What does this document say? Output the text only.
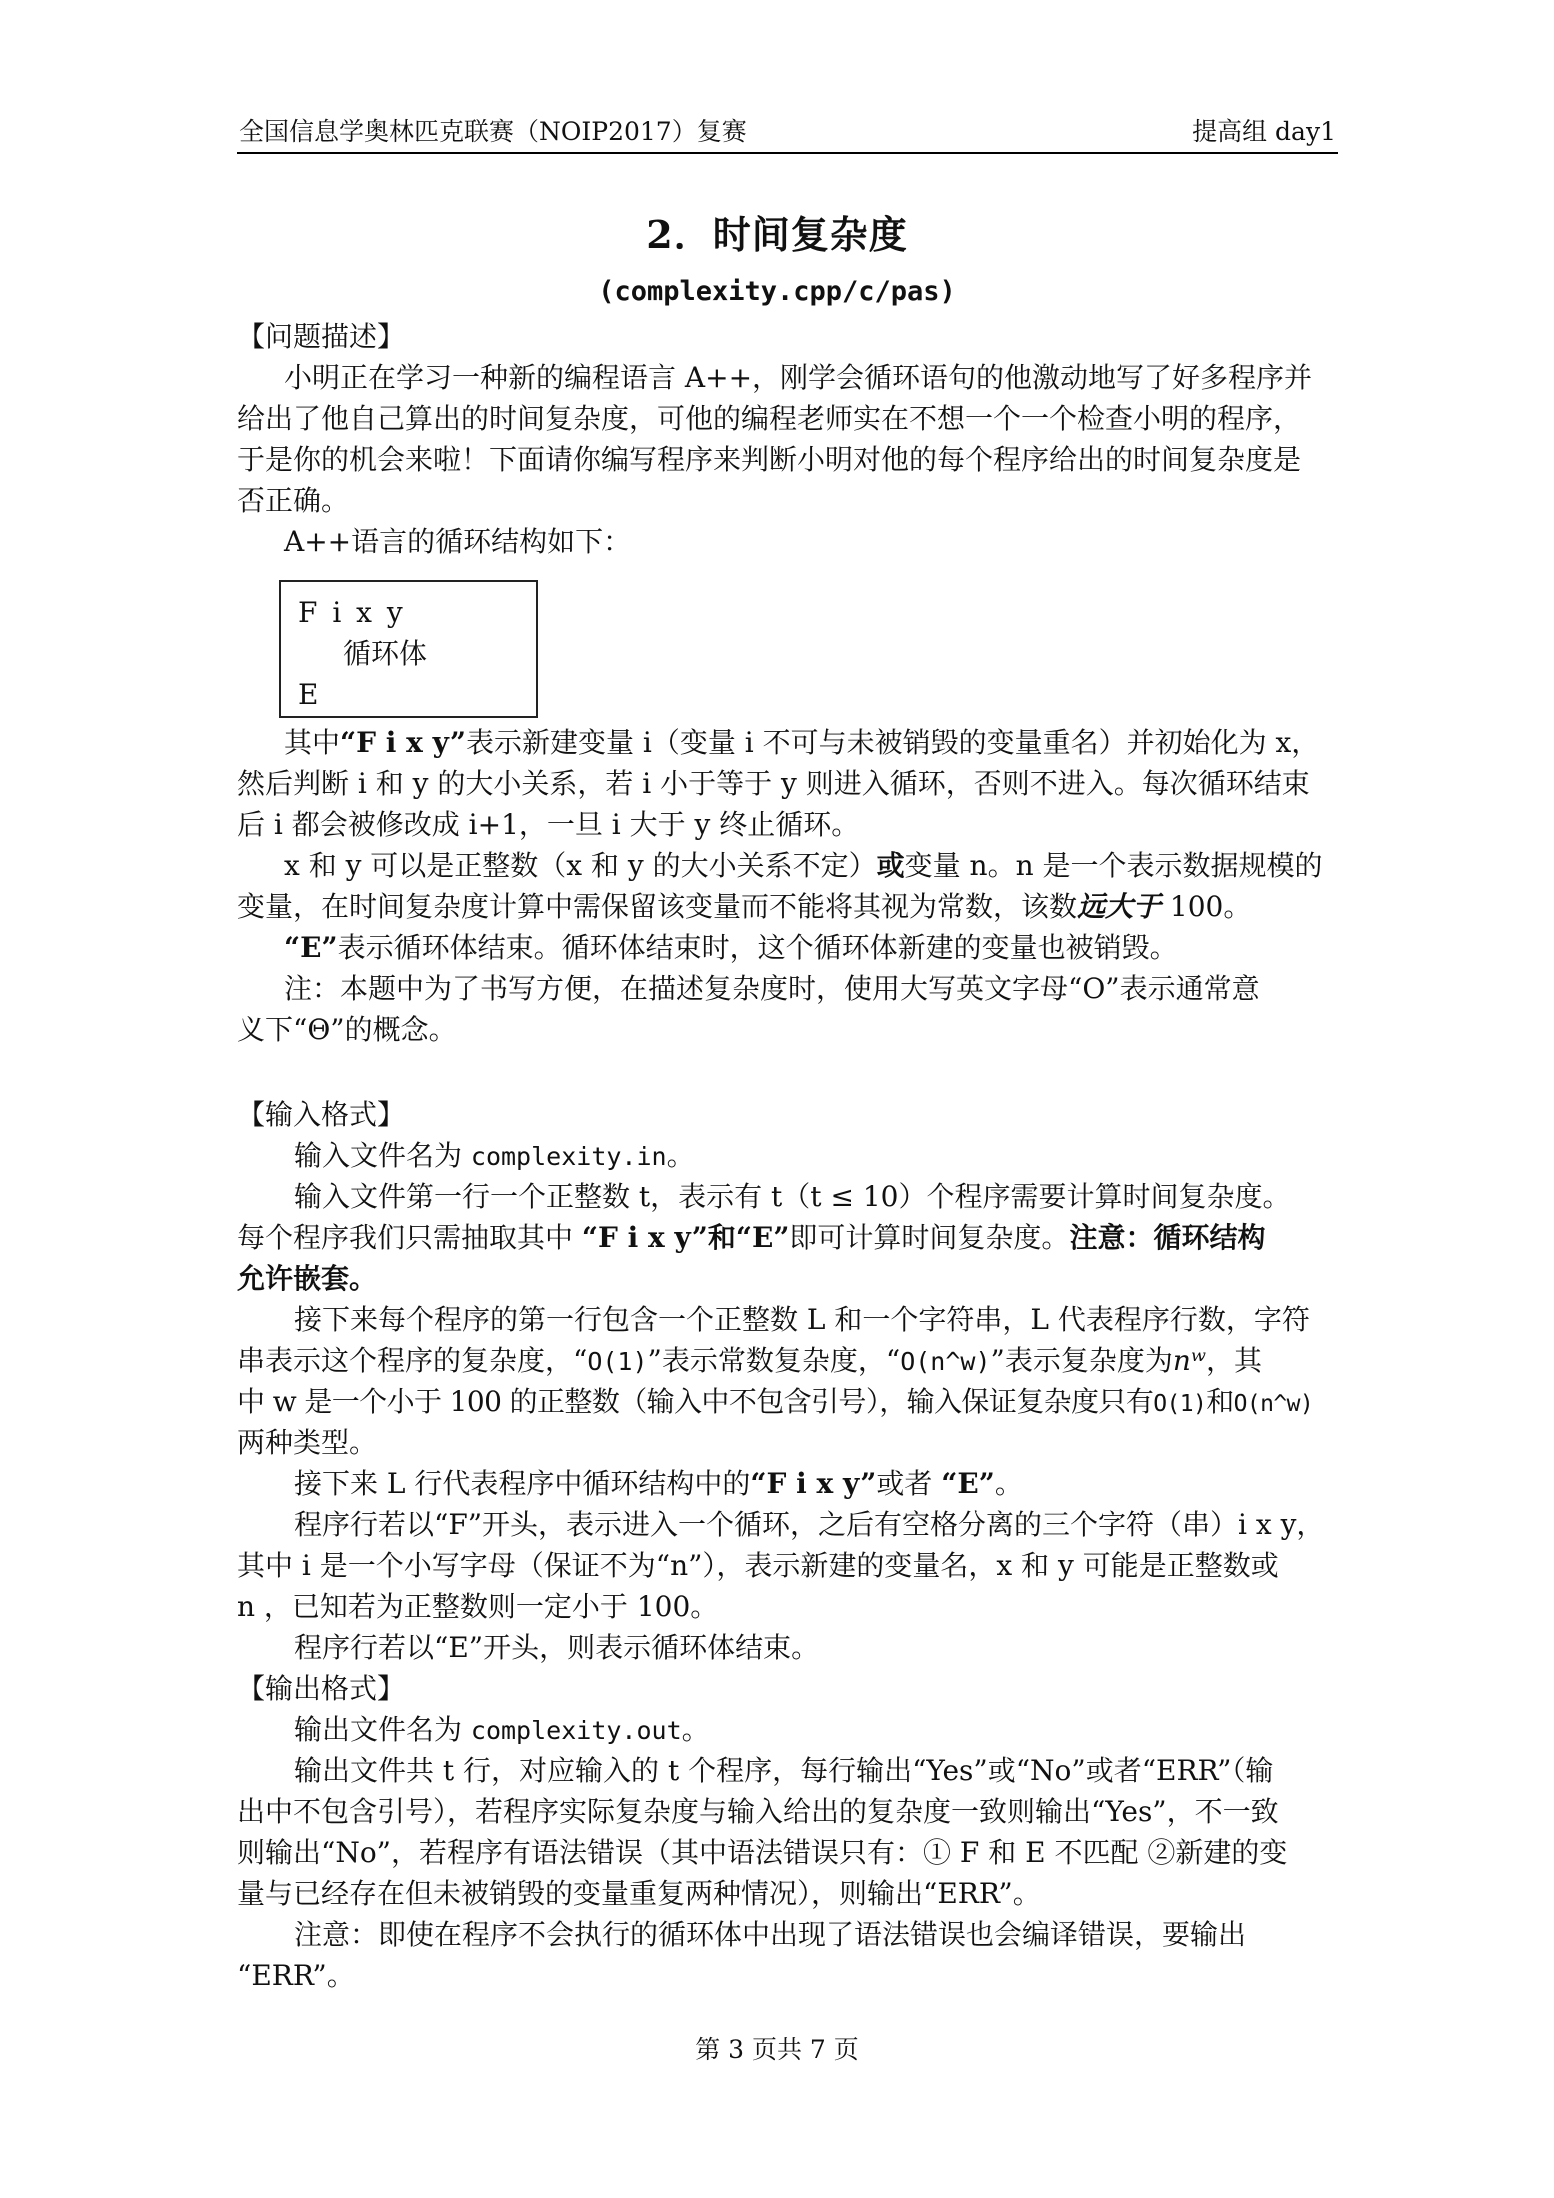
全国信息学奥林匹克联赛（NOIP2017）复赛	提高组 day1
2．时间复杂度
(complexity.cpp/c/pas)
【问题描述】
小明正在学习一种新的编程语言 A++，刚学会循环语句的他激动地写了好多程序并
给出了他自己算出的时间复杂度，可他的编程老师实在不想一个一个检查小明的程序，
于是你的机会来啦！下面请你编写程序来判断小明对他的每个程序给出的时间复杂度是
否正确。
A++语言的循环结构如下：
F i x y
循环体
E
其中“F i x y”表示新建变量 i（变量 i 不可与未被销毁的变量重名）并初始化为 x，
然后判断 i 和 y 的大小关系，若 i 小于等于 y 则进入循环，否则不进入。每次循环结束
后 i 都会被修改成 i+1，一旦 i 大于 y 终止循环。
x 和 y 可以是正整数（x 和 y 的大小关系不定）或变量 n。n 是一个表示数据规模的
变量，在时间复杂度计算中需保留该变量而不能将其视为常数，该数远大于 100。
“E”表示循环体结束。循环体结束时，这个循环体新建的变量也被销毁。
注：本题中为了书写方便，在描述复杂度时，使用大写英文字母“O”表示通常意
义下“Θ”的概念。
【输入格式】
输入文件名为 complexity.in。
输入文件第一行一个正整数 t，表示有 t（t ≤ 10）个程序需要计算时间复杂度。
每个程序我们只需抽取其中 “F i x y”和“E”即可计算时间复杂度。注意：循环结构
允许嵌套。
接下来每个程序的第一行包含一个正整数 L 和一个字符串，L 代表程序行数，字符
串表示这个程序的复杂度，“O(1)”表示常数复杂度，“O(n^w)”表示复杂度为nʷ，其
中 w 是一个小于 100 的正整数（输入中不包含引号），输入保证复杂度只有O(1)和O(n^w)
两种类型。
接下来 L 行代表程序中循环结构中的“F i x y”或者 “E”。
程序行若以“F”开头，表示进入一个循环，之后有空格分离的三个字符（串）i x y，
其中 i 是一个小写字母（保证不为“n”），表示新建的变量名，x 和 y 可能是正整数或
n ，已知若为正整数则一定小于 100。
程序行若以“E”开头，则表示循环体结束。
【输出格式】
输出文件名为 complexity.out。
输出文件共 t 行，对应输入的 t 个程序，每行输出“Yes”或“No”或者“ERR”（输
出中不包含引号），若程序实际复杂度与输入给出的复杂度一致则输出“Yes”，不一致
则输出“No”，若程序有语法错误（其中语法错误只有：① F 和 E 不匹配 ②新建的变
量与已经存在但未被销毁的变量重复两种情况），则输出“ERR”。
注意：即使在程序不会执行的循环体中出现了语法错误也会编译错误，要输出
“ERR”。
第 3 页共 7 页
